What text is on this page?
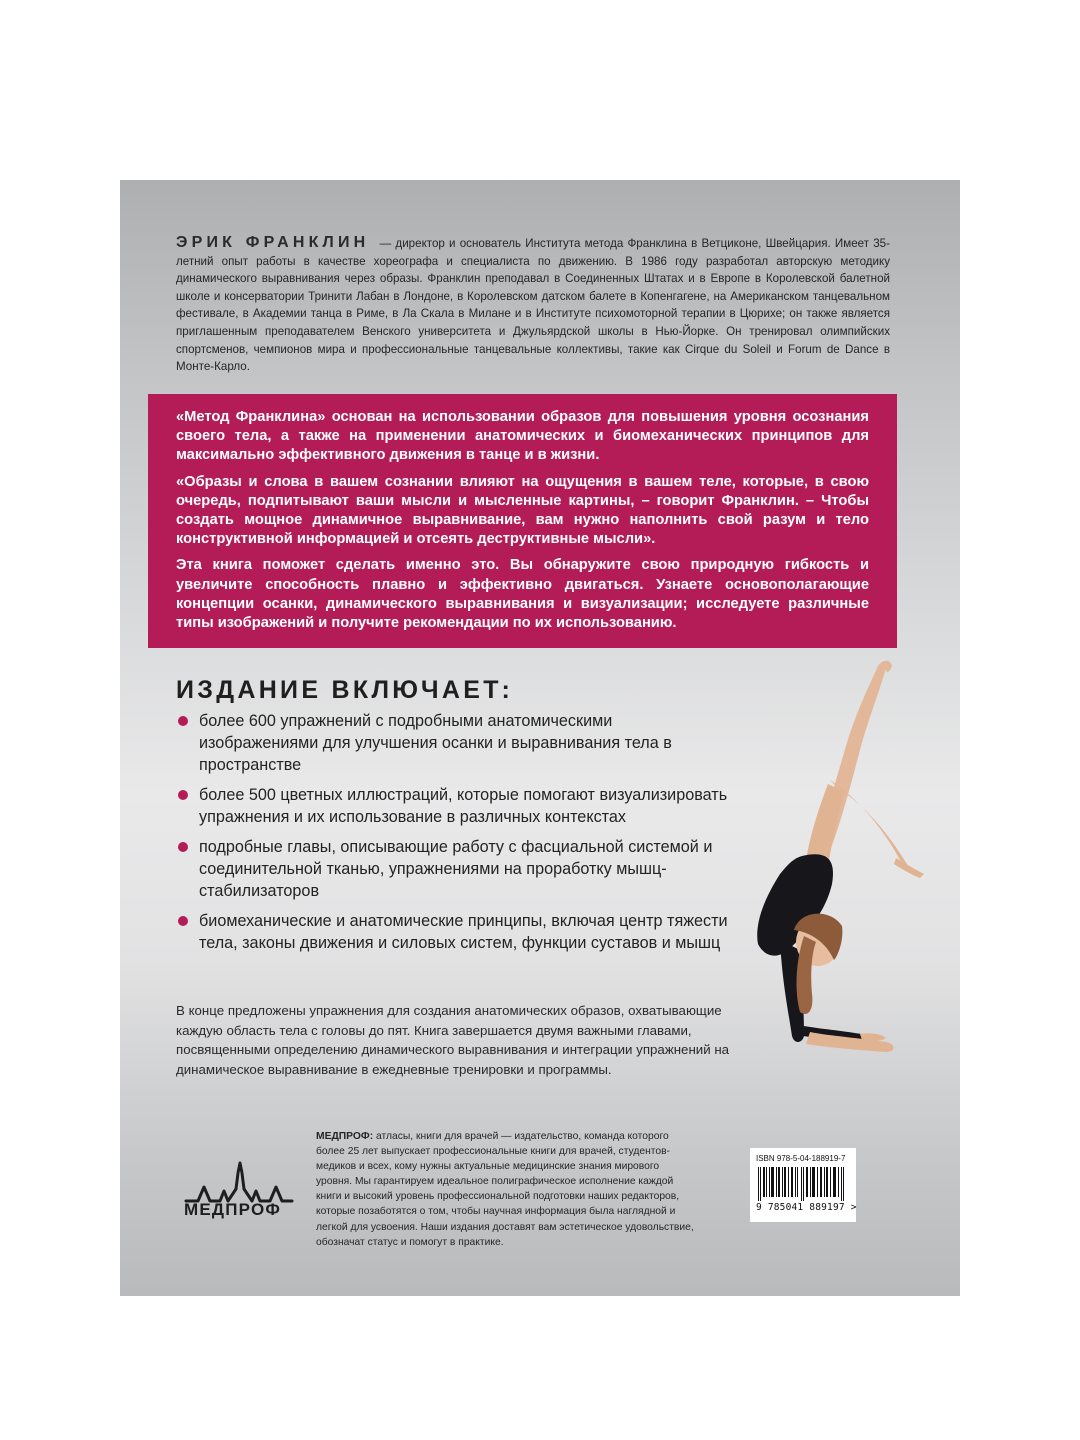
ЭРИК ФРАНКЛИН — директор и основатель Института метода Франклина в Ветциконе, Швейцария. Имеет 35-летний опыт работы в качестве хореографа и специалиста по движению. В 1986 году разработал авторскую методику динамического выравнивания через образы. Франклин преподавал в Соединенных Штатах и в Европе в Королевской балетной школе и консерватории Тринити Лабан в Лондоне, в Королевском датском балете в Копенгагене, на Американском танцевальном фестивале, в Академии танца в Риме, в Ла Скала в Милане и в Институте психомоторной терапии в Цюрихе; он также является приглашенным преподавателем Венского университета и Джульярдской школы в Нью-Йорке. Он тренировал олимпийских спортсменов, чемпионов мира и профессиональные танцевальные коллективы, такие как Cirque du Soleil и Forum de Dance в Монте-Карло.

«Метод Франклина» основан на использовании образов для повышения уровня осознания своего тела, а также на применении анатомических и биомеханических принципов для максимально эффективного движения в танце и в жизни.

«Образы и слова в вашем сознании влияют на ощущения в вашем теле, которые, в свою очередь, подпитывают ваши мысли и мысленные картины, – говорит Франклин. – Чтобы создать мощное динамичное выравнивание, вам нужно наполнить свой разум и тело конструктивной информацией и отсеять деструктивные мысли».

Эта книга поможет сделать именно это. Вы обнаружите свою природную гибкость и увеличите способность плавно и эффективно двигаться. Узнаете основополагающие концепции осанки, динамического выравнивания и визуализации; исследуете различные типы изображений и получите рекомендации по их использованию.

ИЗДАНИЕ ВКЛЮЧАЕТ:
более 600 упражнений с подробными анатомическими изображениями для улучшения осанки и выравнивания тела в пространстве
более 500 цветных иллюстраций, которые помогают визуализировать упражнения и их использование в различных контекстах
подробные главы, описывающие работу с фасциальной системой и соединительной тканью, упражнениями на проработку мышц-стабилизаторов
биомеханические и анатомические принципы, включая центр тяжести тела, законы движения и силовых систем, функции суставов и мышц
В конце предложены упражнения для создания анатомических образов, охватывающие каждую область тела с головы до пят. Книга завершается двумя важными главами, посвященными определению динамического выравнивания и интеграции упражнений на динамическое выравнивание в ежедневные тренировки и программы.
МЕДПРОФ
МЕДПРОФ: атласы, книги для врачей — издательство, команда которого более 25 лет выпускает профессиональные книги для врачей, студентов-медиков и всех, кому нужны актуальные медицинские знания мирового уровня. Мы гарантируем идеальное полиграфическое исполнение каждой книги и высокий уровень профессиональной подготовки наших редакторов, которые позаботятся о том, чтобы научная информация была наглядной и легкой для усвоения. Наши издания доставят вам эстетическое удовольствие, обозначат статус и помогут в практике.
ISBN 978-5-04-188919-7
9 785041 889197 >
